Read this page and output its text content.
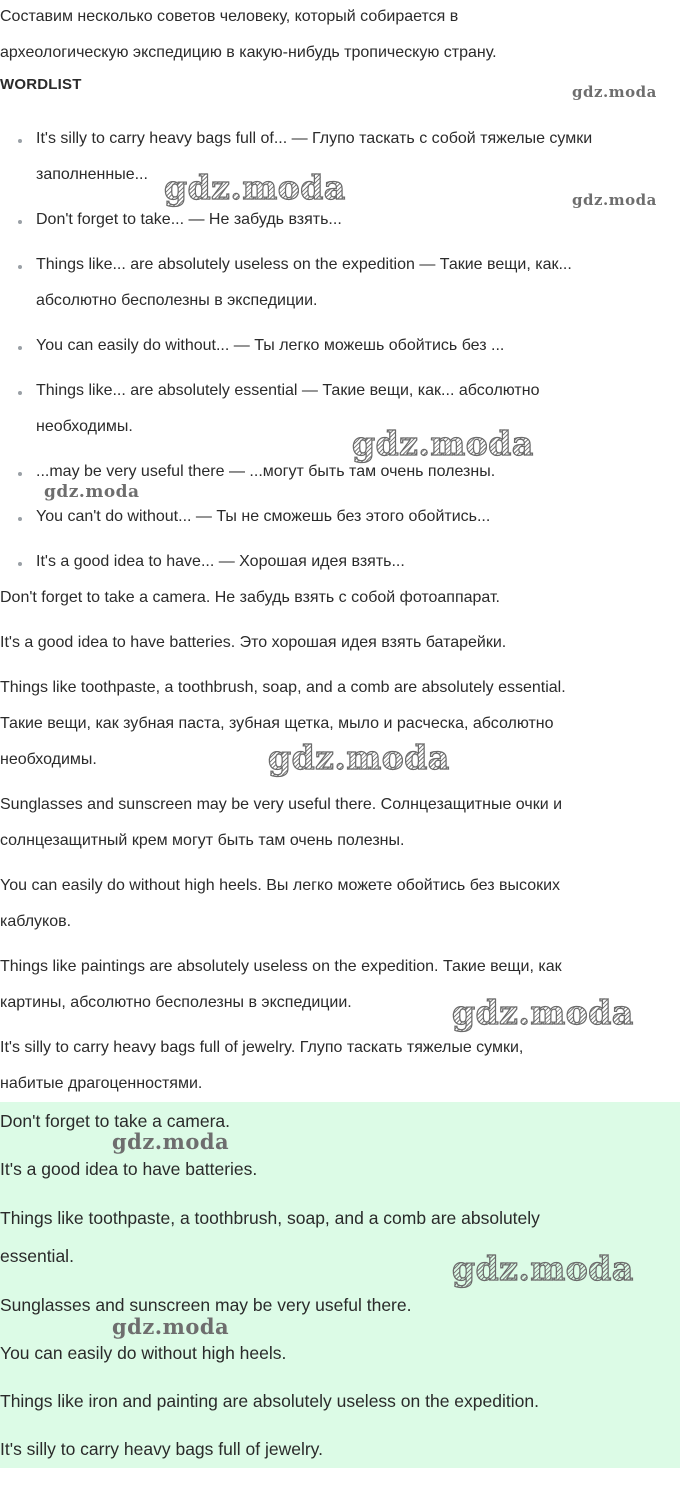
Составим несколько советов человеку, который собирается в
археологическую экспедицию в какую-нибудь тропическую страну.
WORDLIST
It's silly to carry heavy bags full of... — Глупо таскать с собой тяжелые сумки
заполненные...
Don't forget to take... — Не забудь взять...
Things like... are absolutely useless on the expedition — Такие вещи, как...
абсолютно бесполезны в экспедиции.
You can easily do without... — Ты легко можешь обойтись без ...
Things like... are absolutely essential — Такие вещи, как... абсолютно
необходимы.
...may be very useful there — ...могут быть там очень полезны.
You can't do without... — Ты не сможешь без этого обойтись...
It's a good idea to have... — Хорошая идея взять...
Don't forget to take a camera. Не забудь взять с собой фотоаппарат.
It's a good idea to have batteries. Это хорошая идея взять батарейки.
Things like toothpaste, a toothbrush, soap, and a comb are absolutely essential.
Такие вещи, как зубная паста, зубная щетка, мыло и расческа, абсолютно
необходимы.
Sunglasses and sunscreen may be very useful there. Солнцезащитные очки и
солнцезащитный крем могут быть там очень полезны.
You can easily do without high heels. Вы легко можете обойтись без высоких
каблуков.
Things like paintings are absolutely useless on the expedition. Такие вещи, как
картины, абсолютно бесполезны в экспедиции.
It's silly to carry heavy bags full of jewelry. Глупо таскать тяжелые сумки,
набитые драгоценностями.
Don't forget to take a camera.
It's a good idea to have batteries.
Things like toothpaste, a toothbrush, soap, and a comb are absolutely
essential.
Sunglasses and sunscreen may be very useful there.
You can easily do without high heels.
Things like iron and painting are absolutely useless on the expedition.
It's silly to carry heavy bags full of jewelry.
gdz.moda
gdz.moda	gdz.moda
gdz.moda
gdz.moda
gdz.moda
gdz.moda
gdz.moda
gdz.moda
gdz.moda
